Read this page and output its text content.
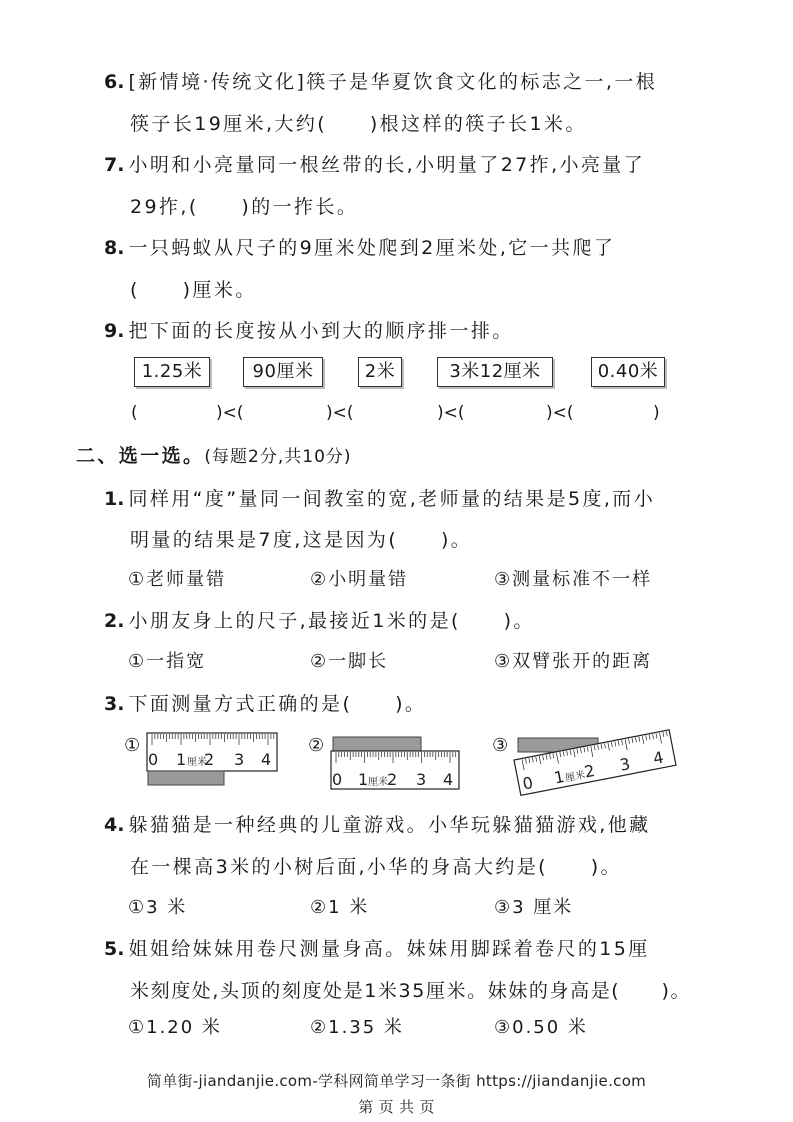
6. [新情境·传统文化]筷子是华夏饮食文化的标志之一,一根
筷子长19厘米,大约(　　)根这样的筷子长1米。
7. 小明和小亮量同一根丝带的长,小明量了27拃,小亮量了
29拃,(　　)的一拃长。
8. 一只蚂蚁从尺子的9厘米处爬到2厘米处,它一共爬了
(　　)厘米。
9. 把下面的长度按从小到大的顺序排一排。
1.25米	90厘米	2米	3米12厘米	0.40米
(	)<(	)<(	)<(	)<(	)
二、选一选。(每题2分,共10分)
1. 同样用“度”量同一间教室的宽,老师量的结果是5度,而小
明量的结果是7度,这是因为(　　)。
①老师量错	②小明量错	③测量标准不一样
2. 小朋友身上的尺子,最接近1米的是(　　)。
①一指宽	②一脚长	③双臂张开的距离
3. 下面测量方式正确的是(　　)。
①
0 1 厘米
2 3 4
②
0 1 厘米 2 3 4
③
0 1
厘米
2 3 4
4. 躲猫猫是一种经典的儿童游戏。小华玩躲猫猫游戏,他藏
在一棵高3米的小树后面,小华的身高大约是(　　)。
①3 米	②1 米	③3 厘米
5. 姐姐给妹妹用卷尺测量身高。妹妹用脚踩着卷尺的15厘
米刻度处,头顶的刻度处是1米35厘米。妹妹的身高是(　　)。
①1.20 米	②1.35 米	③0.50 米
简单街-jiandanjie.com-学科网简单学习一条街 https://jiandanjie.com
第 页 共 页
